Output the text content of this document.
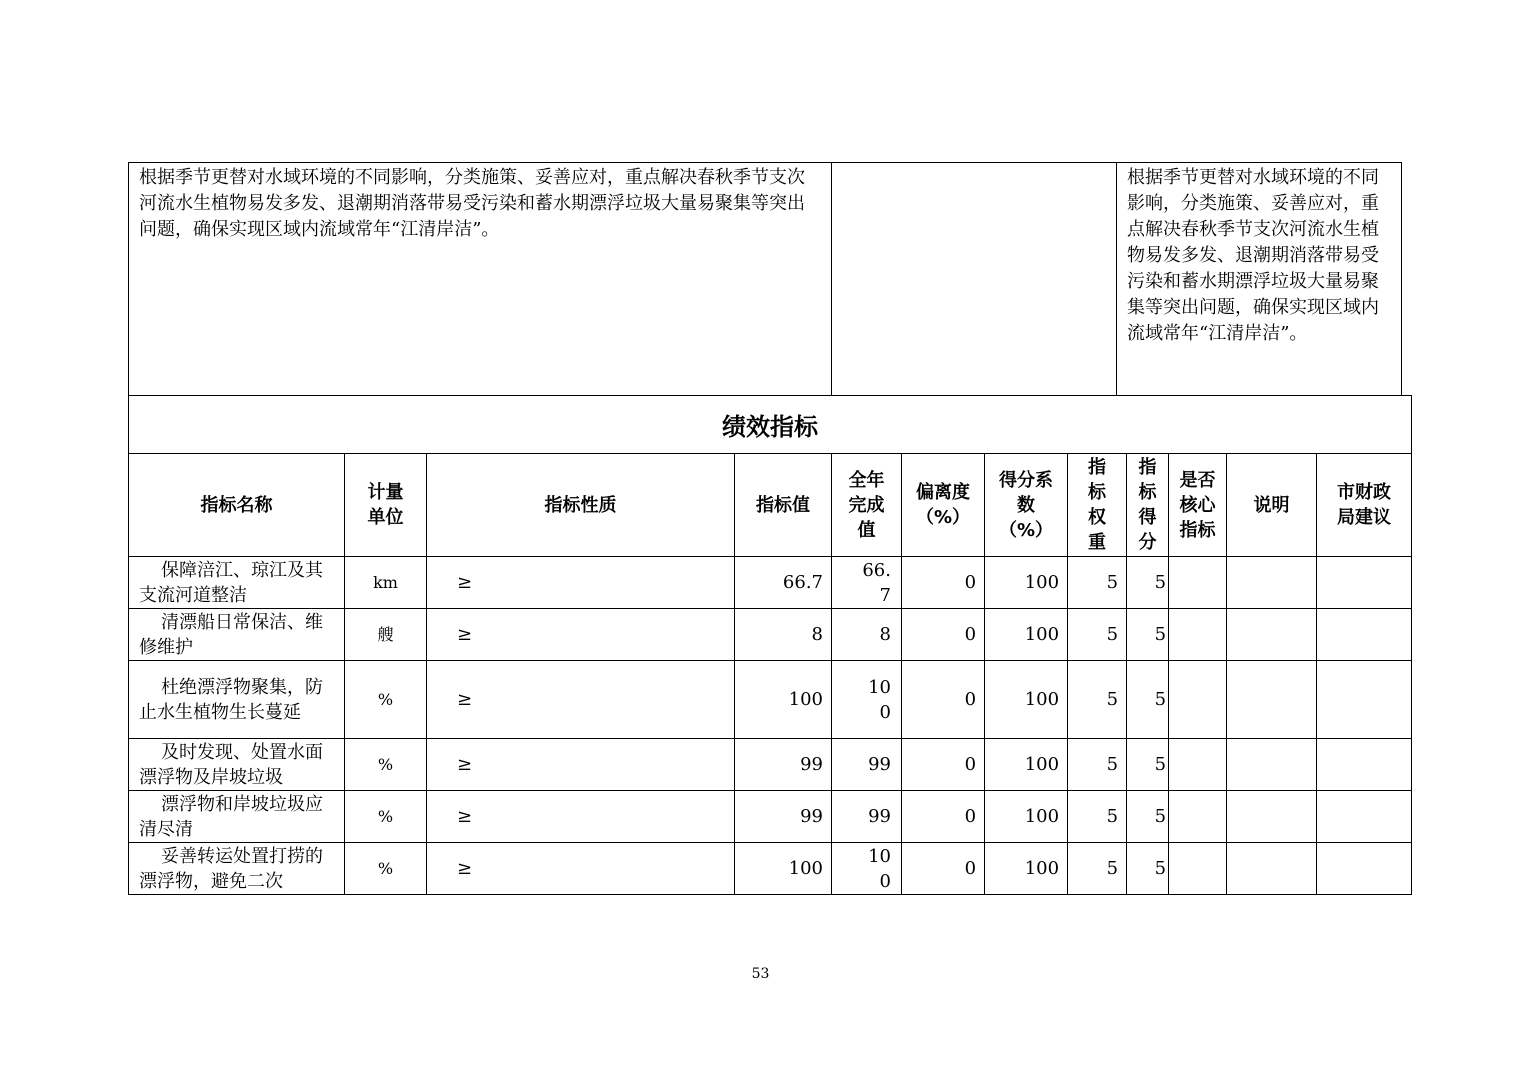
根据季节更替对水域环境的不同影响，分类施策、妥善应对，重点解决春秋季节支次河流水生植物易发多发、退潮期消落带易受污染和蓄水期漂浮垃圾大量易聚集等突出问题，确保实现区域内流域常年“江清岸洁”。		根据季节更替对水域环境的不同影响，分类施策、妥善应对，重点解决春秋季节支次河流水生植物易发多发、退潮期消落带易受污染和蓄水期漂浮垃圾大量易聚集等突出问题，确保实现区域内流域常年“江清岸洁”。
绩效指标											
指标名称	计量单位	指标性质	指标值	全年完成值	偏离度（%）	得分系数（%）	指标权重	指标得分	是否核心指标	说明	市财政局建议
保障涪江、琼江及其支流河道整洁	km	≥	66.7	66.7	0	100	5	5			
清漂船日常保洁、维修维护	艘	≥	8	8	0	100	5	5			
杜绝漂浮物聚集，防止水生植物生长蔓延	%	≥	100	100	0	100	5	5			
及时发现、处置水面漂浮物及岸坡垃圾	%	≥	99	99	0	100	5	5			
漂浮物和岸坡垃圾应清尽清	%	≥	99	99	0	100	5	5			
妥善转运处置打捞的漂浮物，避免二次	%	≥	100	100	0	100	5	5			
53
